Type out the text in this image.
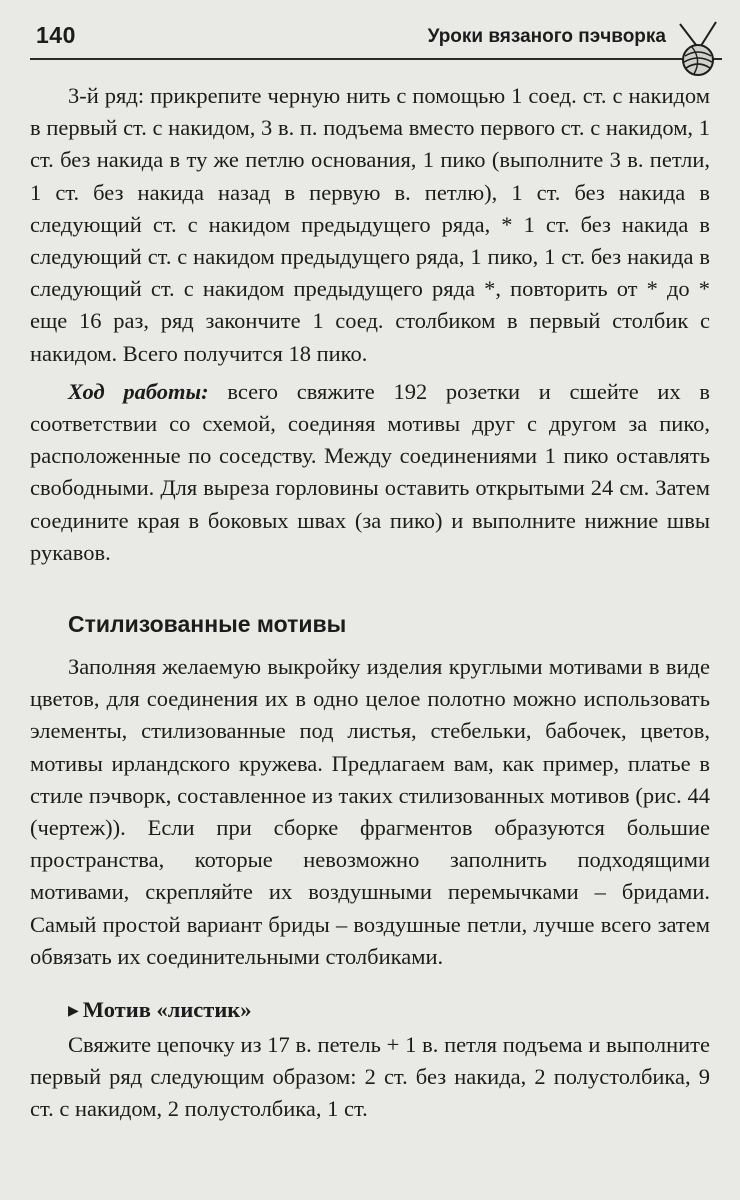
140	Уроки вязаного пэчворка

3-й ряд: прикрепите черную нить с помощью 1 соед. ст. с накидом в первый ст. с накидом, 3 в. п. подъема вместо первого ст. с накидом, 1 ст. без накида в ту же петлю основания, 1 пико (выполните 3 в. петли, 1 ст. без накида назад в первую в. петлю), 1 ст. без накида в следующий ст. с накидом предыдущего ряда, * 1 ст. без накида в следующий ст. с накидом предыдущего ряда, 1 пико, 1 ст. без накида в следующий ст. с накидом предыдущего ряда *, повторить от * до * еще 16 раз, ряд закончите 1 соед. столбиком в первый столбик с накидом. Всего получится 18 пико.

Ход работы: всего свяжите 192 розетки и сшейте их в соответствии со схемой, соединяя мотивы друг с другом за пико, расположенные по соседству. Между соединениями 1 пико оставлять свободными. Для выреза горловины оставить открытыми 24 см. Затем соедините края в боковых швах (за пико) и выполните нижние швы рукавов.

Стилизованные мотивы

Заполняя желаемую выкройку изделия круглыми мотивами в виде цветов, для соединения их в одно целое полотно можно использовать элементы, стилизованные под листья, стебельки, бабочек, цветов, мотивы ирландского кружева. Предлагаем вам, как пример, платье в стиле пэчворк, составленное из таких стилизованных мотивов (рис. 44 (чертеж)). Если при сборке фрагментов образуются большие пространства, которые невозможно заполнить подходящими мотивами, скрепляйте их воздушными перемычками – бридами. Самый простой вариант бриды – воздушные петли, лучше всего затем обвязать их соединительными столбиками.

▶ Мотив «листик»

Свяжите цепочку из 17 в. петель + 1 в. петля подъема и выполните первый ряд следующим образом: 2 ст. без накида, 2 полустолбика, 9 ст. с накидом, 2 полустолбика, 1 ст.
